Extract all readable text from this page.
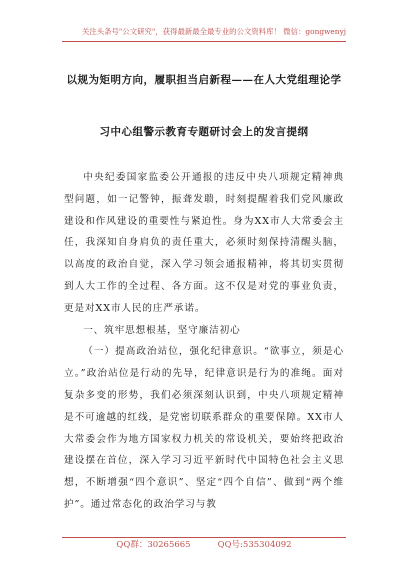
关注头条号"公文研究"，获得最新最全最专业的公文资料库！ 微信：gongwenyj
以规为矩明方向，履职担当启新程——在人大党组理论学
习中心组警示教育专题研讨会上的发言提纲

中央纪委国家监委公开通报的违反中央八项规定精神典型问题，如一记警钟，振聋发聩，时刻提醒着我们党风廉政建设和作风建设的重要性与紧迫性。身为XX市人大常委会主任，我深知自身肩负的责任重大，必须时刻保持清醒头脑，以高度的政治自觉，深入学习领会通报精神，将其切实贯彻到人大工作的全过程、各方面。这不仅是对党的事业负责，更是对XX市人民的庄严承诺。

一、筑牢思想根基，坚守廉洁初心

（一）提高政治站位，强化纪律意识。“欲事立，须是心立。”政治站位是行动的先导，纪律意识是行为的准绳。面对复杂多变的形势，我们必须深刻认识到，中央八项规定精神是不可逾越的红线，是党密切联系群众的重要保障。XX市人大常委会作为地方国家权力机关的常设机关，要始终把政治建设摆在首位，深入学习习近平新时代中国特色社会主义思想，不断增强“四个意识”、坚定“四个自信”、做到“两个维护”。通过常态化的政治学习与教

QQ群：30265665          QQ号:535304092
